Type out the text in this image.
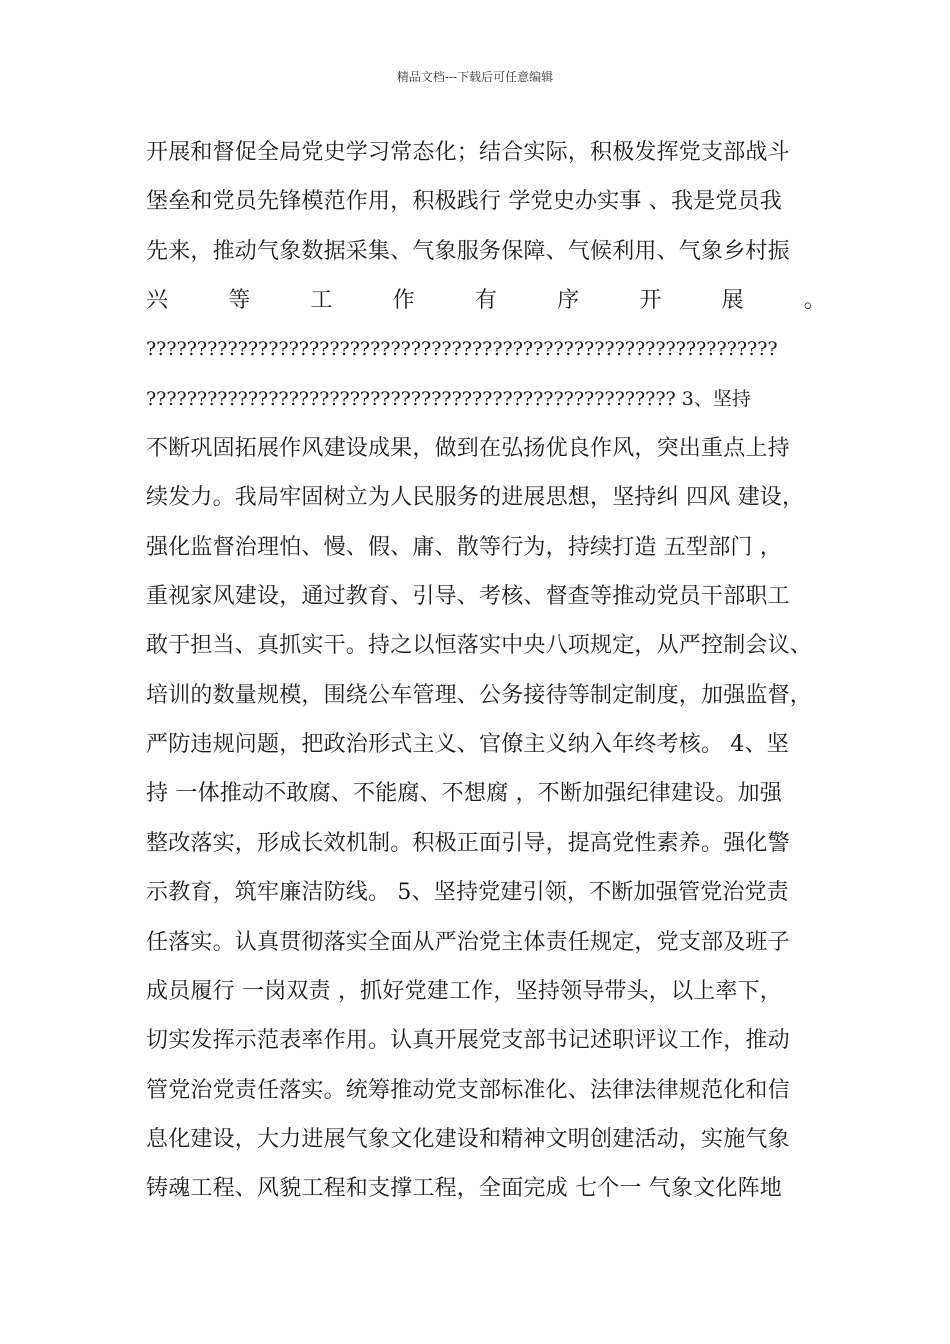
精品文档---下载后可任意编辑
开展和督促全局党史学习常态化；结合实际，积极发挥党支部战斗
堡垒和党员先锋模范作用，积极践行 学党史办实事 、我是党员我
先来，推动气象数据采集、气象服务保障、气候利用、气象乡村振
兴	等	工	作	有	序	开	展	。
??????????????????????????????????????????????????????????????
???????????????????????????????????????????????????? 3、坚持
不断巩固拓展作风建设成果，做到在弘扬优良作风，突出重点上持
续发力。我局牢固树立为人民服务的进展思想，坚持纠 四风 建设，
强化监督治理怕、慢、假、庸、散等行为，持续打造 五型部门 ，
重视家风建设，通过教育、引导、考核、督查等推动党员干部职工
敢于担当、真抓实干。持之以恒落实中央八项规定，从严控制会议、
培训的数量规模，围绕公车管理、公务接待等制定制度，加强监督，
严防违规问题，把政治形式主义、官僚主义纳入年终考核。 4、坚
持 一体推动不敢腐、不能腐、不想腐 ，不断加强纪律建设。加强
整改落实，形成长效机制。积极正面引导，提高党性素养。强化警
示教育，筑牢廉洁防线。 5、坚持党建引领，不断加强管党治党责
任落实。认真贯彻落实全面从严治党主体责任规定，党支部及班子
成员履行 一岗双责 ，抓好党建工作，坚持领导带头，以上率下，
切实发挥示范表率作用。认真开展党支部书记述职评议工作，推动
管党治党责任落实。统筹推动党支部标准化、法律法律规范化和信
息化建设，大力进展气象文化建设和精神文明创建活动，实施气象
铸魂工程、风貌工程和支撑工程，全面完成 七个一 气象文化阵地
